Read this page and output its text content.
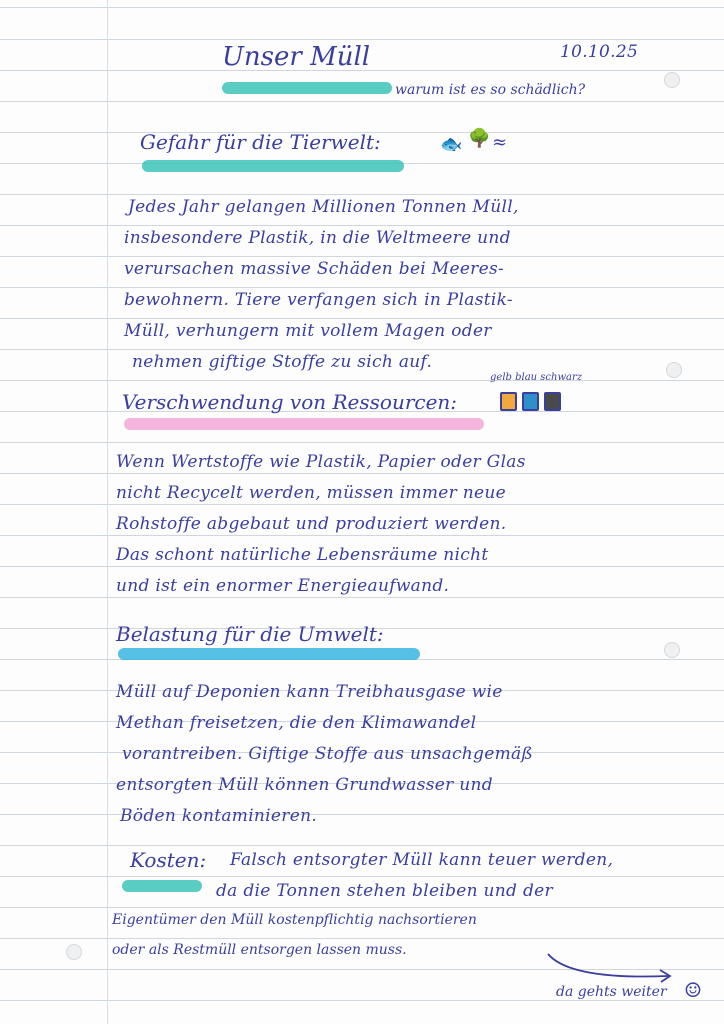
Unser Müll	10.10.25
warum ist es so schädlich?
Gefahr für die Tierwelt:	🐟 🌳 ≈
Jedes Jahr gelangen Millionen Tonnen Müll,
insbesondere Plastik, in die Weltmeere und
verursachen massive Schäden bei Meeres-
bewohnern. Tiere verfangen sich in Plastik-
Müll, verhungern mit vollem Magen oder
nehmen giftige Stoffe zu sich auf.
Verschwendung von Ressourcen:
gelb blau schwarz
Wenn Wertstoffe wie Plastik, Papier oder Glas
nicht Recycelt werden, müssen immer neue
Rohstoffe abgebaut und produziert werden.
Das schont natürliche Lebensräume nicht
und ist ein enormer Energieaufwand.
Belastung für die Umwelt:
Müll auf Deponien kann Treibhausgase wie
Methan freisetzen, die den Klimawandel
vorantreiben. Giftige Stoffe aus unsachgemäß
entsorgten Müll können Grundwasser und
Böden kontaminieren.
Kosten: Falsch entsorgter Müll kann teuer werden,
da die Tonnen stehen bleiben und der
Eigentümer den Müll kostenpflichtig nachsortieren
oder als Restmüll entsorgen lassen muss.
da gehts weiter ☺
